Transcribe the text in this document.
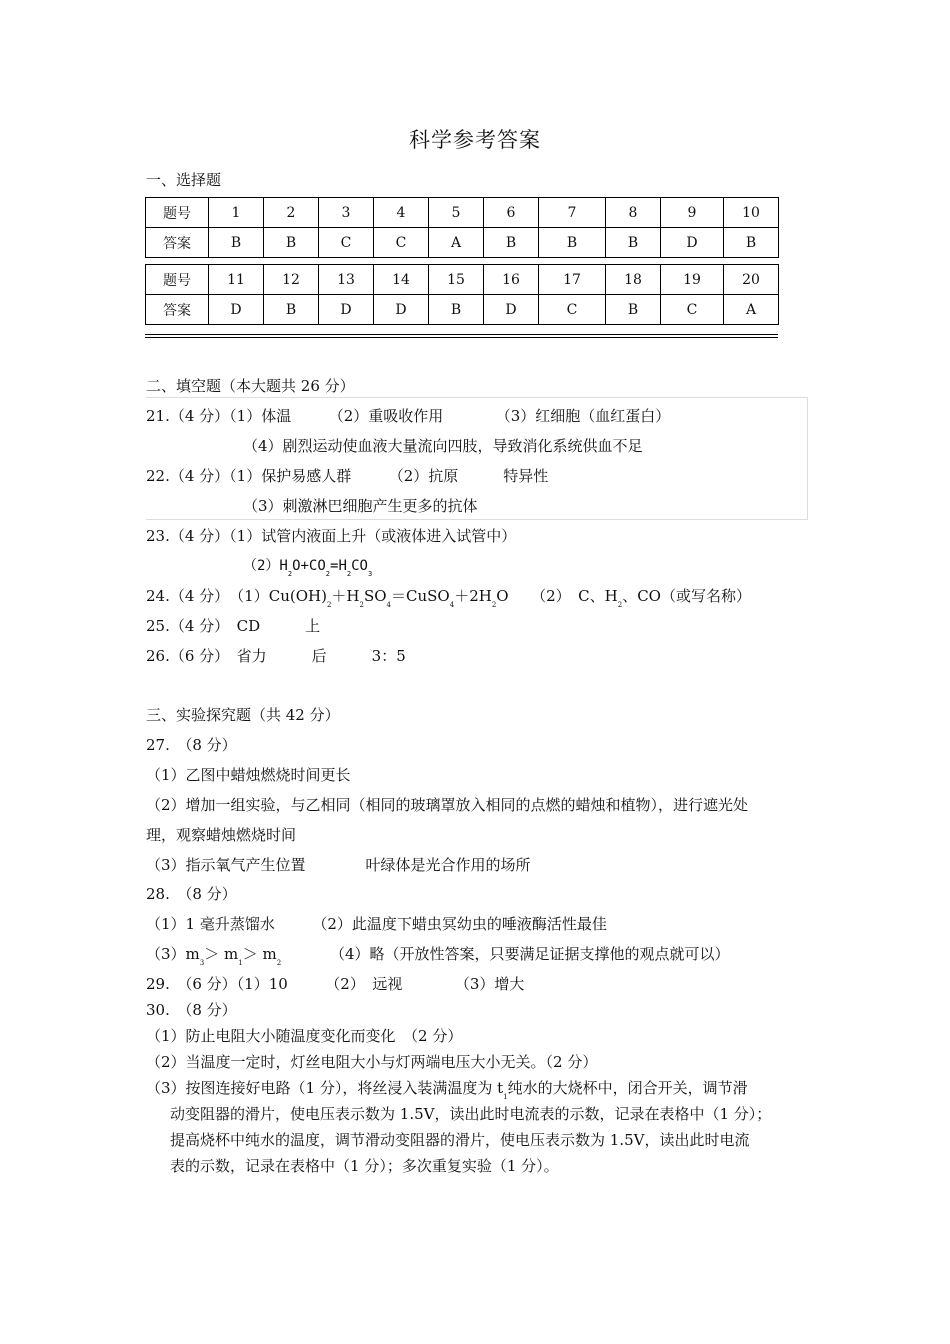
科学参考答案
一、选择题
题号	1	2	3	4	5	6	7	8	9	10
答案	B	B	C	C	A	B	B	B	D	B
题号	11	12	13	14	15	16	17	18	19	20
答案	D	B	D	D	B	D	C	B	C	A
二、填空题（本大题共 26 分）
21.（4 分）（1）体温　　　（2）重吸收作用　　　　（3）红细胞（血红蛋白）
（4）剧烈运动使血液大量流向四肢，导致消化系统供血不足
22.（4 分）（1）保护易感人群　　　（2）抗原　　　特异性
（3）刺激淋巴细胞产生更多的抗体
23.（4 分）（1）试管内液面上升（或液体进入试管中）
$(2)H_2O+CO_2=H_2CO_3$
24.（4 分）　$(1)Cu(OH)_2+H_2SO_4=CuSO_4+2H_2O$　　（2）　C、$H_2$、CO（或写名称）
25.（4 分）　CD　　　上
26.（6 分）　省力　　　后　　　3：5
三、实验探究题（共 42 分）
27.　（8 分）
（1）乙图中蜡烛燃烧时间更长
（2）增加一组实验，与乙相同（相同的玻璃罩放入相同的点燃的蜡烛和植物），进行遮光处
理，观察蜡烛燃烧时间
（3）指示氧气产生位置　　　　叶绿体是光合作用的场所
28.　（8 分）
（1）1 毫升蒸馏水　　　（2）此温度下蜡虫冥幼虫的唾液酶活性最佳
$(3)m_3> m_1> m_2$	（4）略（开放性答案，只要满足证据支撑他的观点就可以）
29.　（6 分）（1）10　　　（2）　远视　　　　（3）增大
30.　（8 分）
（1）防止电阻大小随温度变化而变化　（2 分）
（2）当温度一定时，灯丝电阻大小与灯两端电压大小无关。（2 分）
（3）按图连接好电路（1 分），将丝浸入装满温度为 $t_1$纯水的大烧杯中，闭合开关，调节滑
动变阻器的滑片，使电压表示数为 1.5V，读出此时电流表的示数，记录在表格中（1 分）；
提高烧杯中纯水的温度，调节滑动变阻器的滑片，使电压表示数为 1.5V，读出此时电流
表的示数，记录在表格中（1 分）；多次重复实验（1 分）。
